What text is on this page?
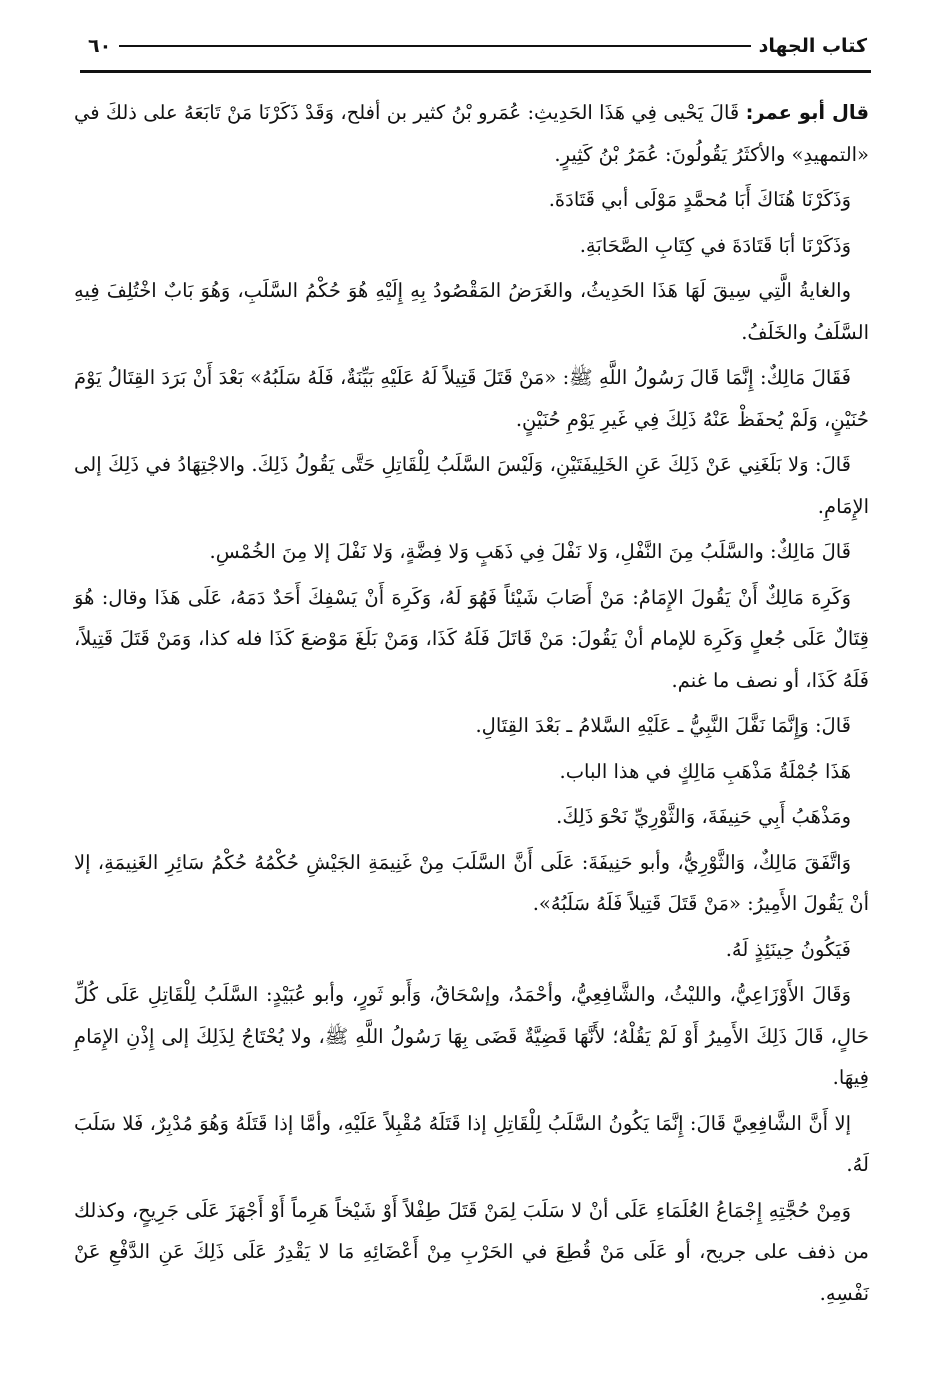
كتاب الجهاد
٦٠

قال أبو عمر: قَالَ يَحْيى فِي هَذَا الحَدِيثِ: عُمَرو بْنُ كثير بن أفلح، وَقَدْ ذَكَرْنَا مَنْ تَابَعَهُ على ذلكَ في «التمهيدِ» والأكثَرُ يَقُولُونَ: عُمَرُ بْنُ كَثِيرٍ.

وَذَكَرْنَا هُنَاكَ أَبَا مُحمَّدٍ مَوْلَى أبي قَتَادَةَ.

وَذَكَرْنَا أبَا قَتَادَةَ في كِتَابِ الصَّحَابَةِ.

والغايةُ الَّتِي سِيقَ لَهَا هَذَا الحَدِيثُ، والغَرَضُ المَقْصُودُ بِهِ إِلَيْهِ هُوَ حُكْمُ السَّلَبِ، وَهُوَ بَابٌ اخْتُلِفَ فِيهِ السَّلَفُ والخَلَفُ.

فَقَالَ مَالِكٌ: إِنَّمَا قَالَ رَسُولُ اللَّهِ ﷺ: «مَنْ قَتَلَ قَتِيلاً لَهُ عَلَيْهِ بَيِّنَةٌ، فَلَهُ سَلَبُهُ» بَعْدَ أَنْ بَرَدَ القِتَالُ يَوْمَ حُنَيْنٍ، وَلَمْ يُحفَظْ عَنْهُ ذَلِكَ فِي غَيرِ يَوْمِ حُنَيْنٍ.

قَالَ: وَلا بَلَغَنِي عَنْ ذَلِكَ عَنِ الخَلِيفَتَيْنِ، وَلَيْسَ السَّلَبُ لِلْقَاتِلِ حَتَّى يَقُولُ ذَلِكَ. والاجْتِهَادُ في ذَلِكَ إلى الإِمَامِ.

قَالَ مَالِكٌ: والسَّلَبُ مِنَ النَّفْلِ، وَلا نَفْلَ فِي ذَهَبٍ وَلا فِضَّةٍ، وَلا نَفْلَ إلا مِنَ الخُمْسِ.

وَكَرِهَ مَالِكٌ أَنْ يَقُولَ الإِمَامُ: مَنْ أَصَابَ شَيْئاً فَهُوَ لَهُ، وَكَرِهَ أَنْ يَسْفِكَ أَحَدٌ دَمَهُ، عَلَى هَذَا وقال: هُوَ قِتَالٌ عَلَى جُعلٍ وَكَرِهَ للإمام أنْ يَقُولَ: مَنْ قَاتَلَ فَلَهُ كَذَا، وَمَنْ بَلَغَ مَوْضعَ كَذَا فله كذا، وَمَنْ قَتَلَ قَتِيلاً، فَلَهُ كَذَا، أو نصف ما غنم.

قَالَ: وَإِنَّمَا نَفَّلَ النَّبِيُّ ـ عَلَيْهِ السَّلامُ ـ بَعْدَ القِتَالِ.

هَذَا جُمْلَةُ مَذْهَبِ مَالِكٍ في هذا الباب.

ومَذْهَبُ أَبِي حَنِيفَةَ، وَالثَّوْرِيِّ نَحْوَ ذَلِكَ.

وَاتَّفَقَ مَالِكٌ، وَالثَّوْرِيُّ، وأبو حَنِيفَةَ: عَلَى أَنَّ السَّلَبَ مِنْ غَنِيمَةِ الجَيْشِ حُكْمُهُ حُكْمُ سَائِرِ الغَنِيمَةِ، إلا أنْ يَقُولَ الأَمِيرُ: «مَنْ قَتَلَ قَتِيلاً فَلَهُ سَلَبُهُ».

فَيَكُونُ حِينَئِذٍ لَهُ.

وَقَالَ الأَوْزَاعِيُّ، والليْثُ، والشَّافِعِيُّ، وأحْمَدُ، وإسْحَاقُ، وَأَبو ثَورٍ، وأبو عُبَيْدٍ: السَّلَبُ لِلْقَاتِلِ عَلَى كُلِّ حَالٍ، قَالَ ذَلِكَ الأَمِيرُ أَوْ لَمْ يَقُلْهُ؛ لأَنَّهَا قَضِيَّةٌ قَضَى بِهَا رَسُولُ اللَّهِ ﷺ، ولا يُحْتَاجُ لِذَلِكَ إلى إِذْنِ الإِمَامِ فِيهَا.

إلا أَنَّ الشَّافِعِيَّ قَالَ: إِنَّمَا يَكُونُ السَّلَبُ لِلْقَاتِلِ إذا قَتَلَهُ مُقْبِلاً عَلَيْهِ، وأمَّا إذا قَتَلَهُ وَهُوَ مُدْبِرٌ، فَلا سَلَبَ لَهُ.

وَمِنْ حُجَّتِهِ إِجْمَاعُ العُلَمَاءِ عَلَى أنْ لا سَلَبَ لِمَنْ قَتَلَ طِفْلاً أَوْ شَيْخاً هَرِماً أَوْ أَجْهَزَ عَلَى جَرِيحٍ، وكذلك من ذفف على جريح، أو عَلَى مَنْ قُطِعَ في الحَرْبِ مِنْ أَعْضَائِهِ مَا لا يَقْدِرُ عَلَى ذَلِكَ عَنِ الدَّفْعِ عَنْ نَفْسِهِ.
